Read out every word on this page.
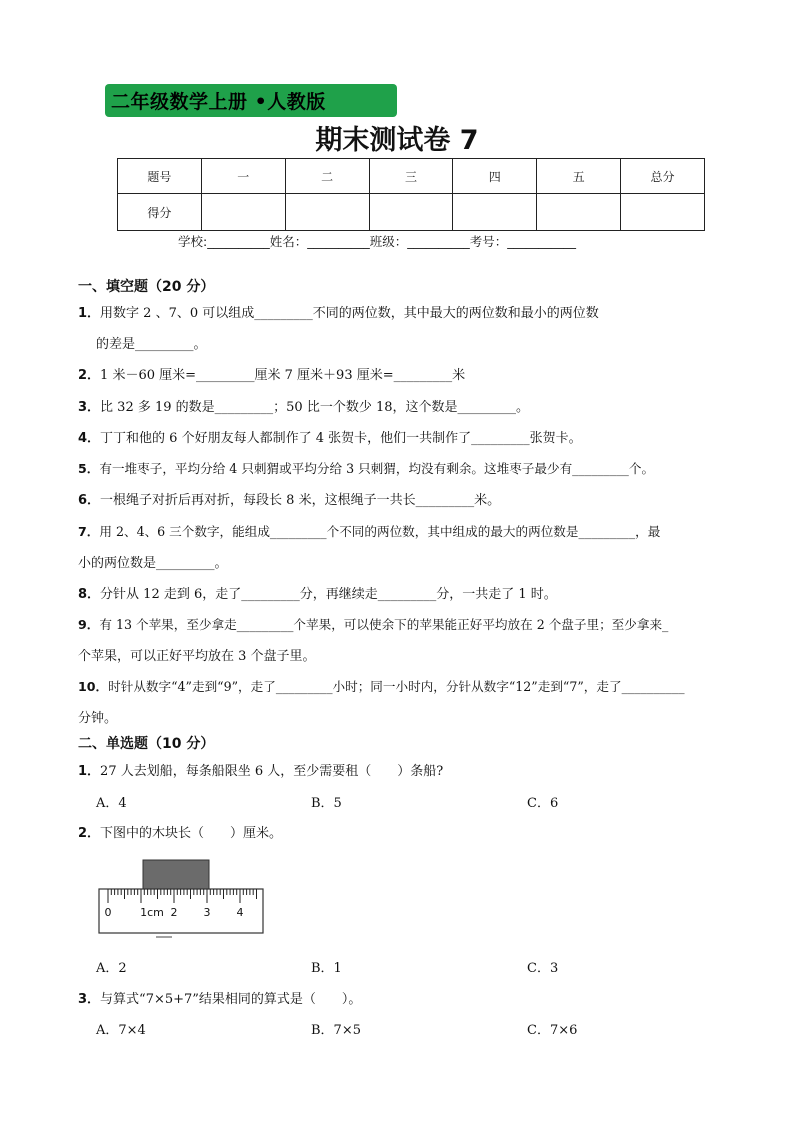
二年级数学上册 •人教版
期末测试卷 7
题号	一	二	三	四	五	总分
得分						
学校:__________姓名：__________班级：__________考号：___________
一、填空题（20 分）
1．用数字 2 、7、0 可以组成_________不同的两位数，其中最大的两位数和最小的两位数
的差是_________。
2．1 米－60 厘米=_________厘米 7 厘米＋93 厘米=_________米
3．比 32 多 19 的数是_________；50 比一个数少 18，这个数是_________。
4．丁丁和他的 6 个好朋友每人都制作了 4 张贺卡，他们一共制作了_________张贺卡。
5．有一堆枣子，平均分给 4 只刺猬或平均分给 3 只刺猬，均没有剩余。这堆枣子最少有_________个。
6．一根绳子对折后再对折，每段长 8 米，这根绳子一共长_________米。
7．用 2、4、6 三个数字，能组成_________个不同的两位数，其中组成的最大的两位数是_________，最
小的两位数是_________。
8．分针从 12 走到 6，走了_________分，再继续走_________分，一共走了 1 时。
9．有 13 个苹果，至少拿走_________个苹果，可以使余下的苹果能正好平均放在 2 个盘子里；至少拿来_
个苹果，可以正好平均放在 3 个盘子里。
10．时针从数字“4”走到“9”，走了_________小时；同一小时内，分针从数字“12”走到“7”，走了__________
分钟。
二、单选题（10 分）
1．27 人去划船，每条船限坐 6 人，至少需要租（　　）条船?
A．4	B．5	C．6
2．下图中的木块长（　　）厘米。
0	1cm 2 3 4
A．2	B．1	C．3
3．与算式“7×5+7”结果相同的算式是（　　）。
A．7×4	B．7×5	C．7×6
